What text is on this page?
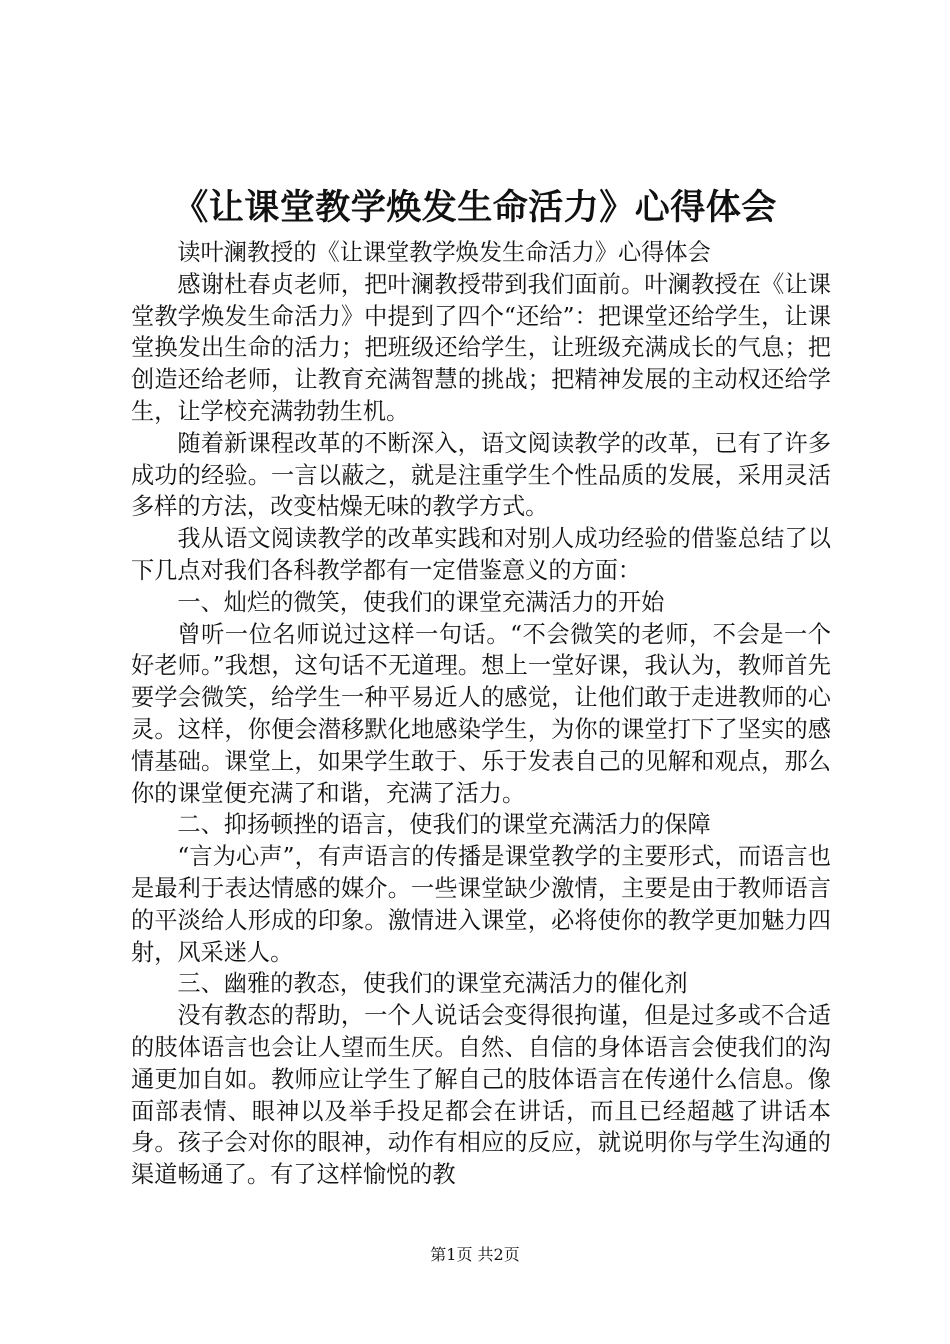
《让课堂教学焕发生命活力》心得体会

读叶澜教授的《让课堂教学焕发生命活力》心得体会

感谢杜春贞老师，把叶澜教授带到我们面前。叶澜教授在《让课堂教学焕发生命活力》中提到了四个“还给”：把课堂还给学生，让课堂换发出生命的活力；把班级还给学生，让班级充满成长的气息；把创造还给老师，让教育充满智慧的挑战；把精神发展的主动权还给学生，让学校充满勃勃生机。

随着新课程改革的不断深入，语文阅读教学的改革，已有了许多成功的经验。一言以蔽之，就是注重学生个性品质的发展，采用灵活多样的方法，改变枯燥无味的教学方式。

我从语文阅读教学的改革实践和对别人成功经验的借鉴总结了以下几点对我们各科教学都有一定借鉴意义的方面：

一、灿烂的微笑，使我们的课堂充满活力的开始

曾听一位名师说过这样一句话。“不会微笑的老师，不会是一个好老师。”我想，这句话不无道理。想上一堂好课，我认为，教师首先要学会微笑，给学生一种平易近人的感觉，让他们敢于走进教师的心灵。这样，你便会潜移默化地感染学生，为你的课堂打下了坚实的感情基础。课堂上，如果学生敢于、乐于发表自己的见解和观点，那么你的课堂便充满了和谐，充满了活力。

二、抑扬顿挫的语言，使我们的课堂充满活力的保障

“言为心声”，有声语言的传播是课堂教学的主要形式，而语言也是最利于表达情感的媒介。一些课堂缺少激情，主要是由于教师语言的平淡给人形成的印象。激情进入课堂，必将使你的教学更加魅力四射，风采迷人。

三、幽雅的教态，使我们的课堂充满活力的催化剂

没有教态的帮助，一个人说话会变得很拘谨，但是过多或不合适的肢体语言也会让人望而生厌。自然、自信的身体语言会使我们的沟通更加自如。教师应让学生了解自己的肢体语言在传递什么信息。像面部表情、眼神以及举手投足都会在讲话，而且已经超越了讲话本身。孩子会对你的眼神，动作有相应的反应，就说明你与学生沟通的渠道畅通了。有了这样愉悦的教

第1页 共2页
